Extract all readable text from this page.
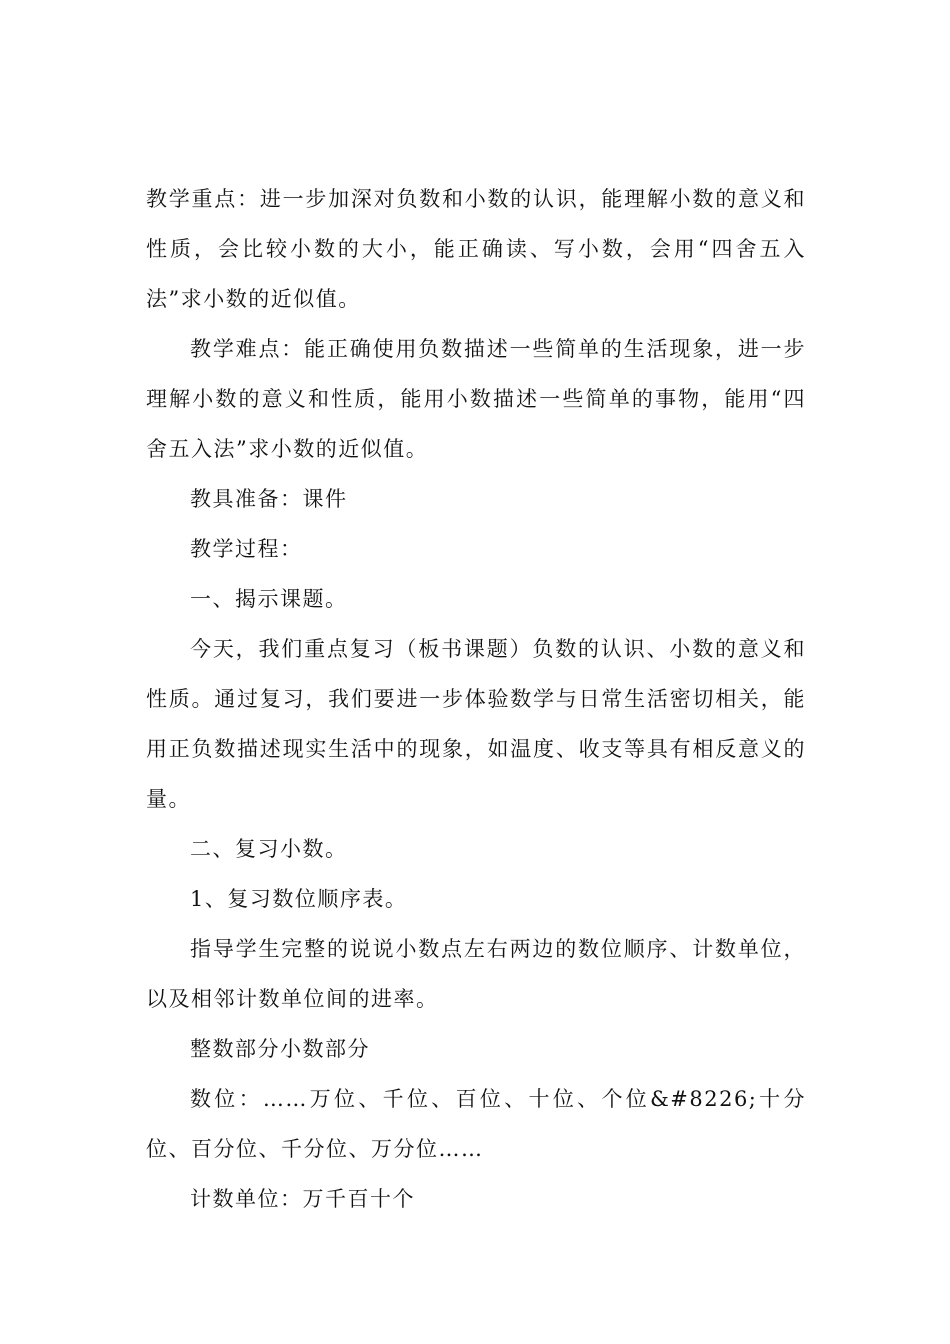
教学重点：进一步加深对负数和小数的认识，能理解小数的意义和性质，会比较小数的大小，能正确读、写小数，会用“四舍五入法”求小数的近似值。

教学难点：能正确使用负数描述一些简单的生活现象，进一步理解小数的意义和性质，能用小数描述一些简单的事物，能用“四舍五入法”求小数的近似值。

教具准备：课件

教学过程：

一、揭示课题。

今天，我们重点复习（板书课题）负数的认识、小数的意义和性质。通过复习，我们要进一步体验数学与日常生活密切相关，能用正负数描述现实生活中的现象，如温度、收支等具有相反意义的量。

二、复习小数。

1、复习数位顺序表。

指导学生完整的说说小数点左右两边的数位顺序、计数单位，以及相邻计数单位间的进率。

整数部分小数部分

数位：……万位、千位、百位、十位、个位&#8226;十分位、百分位、千分位、万分位……

计数单位：万千百十个
